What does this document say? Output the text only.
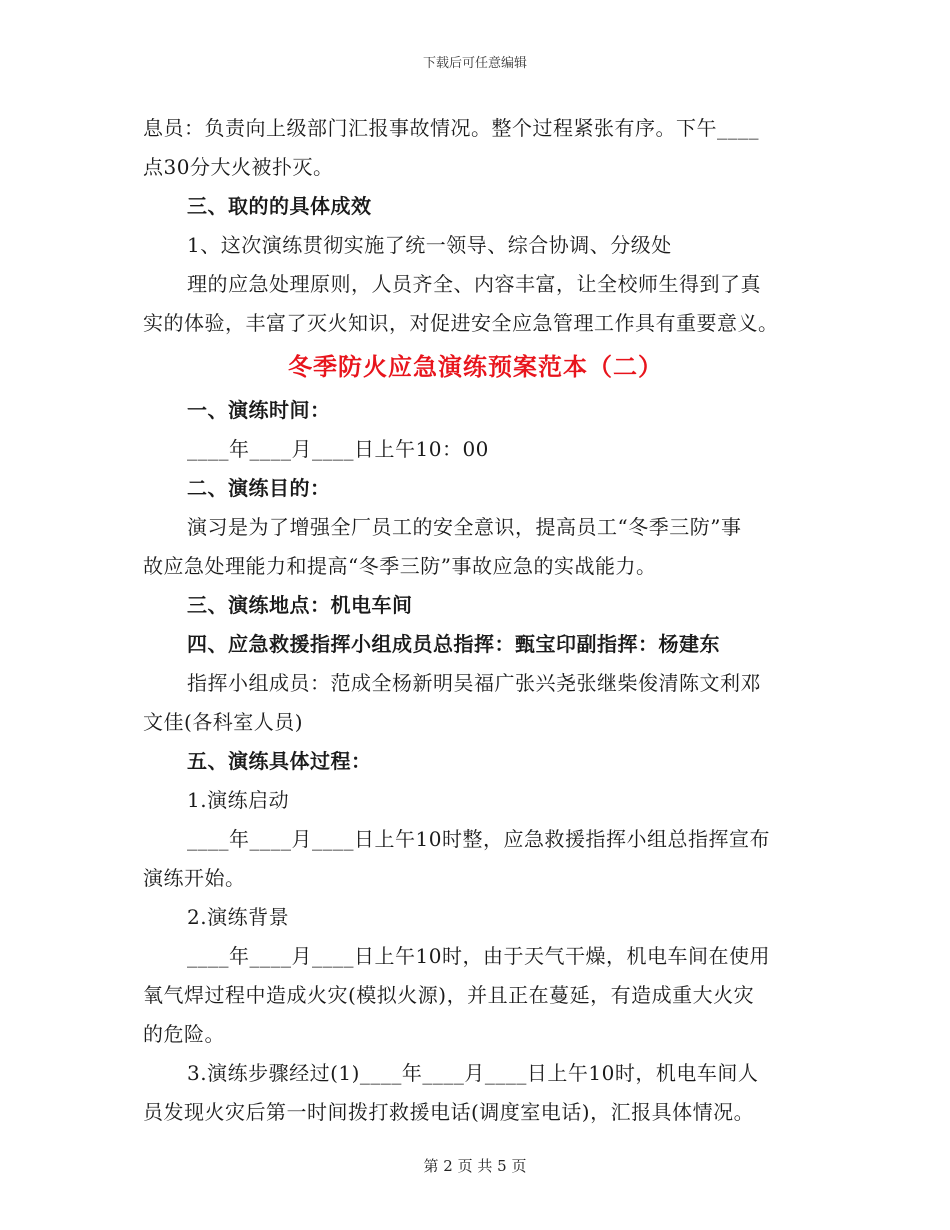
下载后可任意编辑
息员：负责向上级部门汇报事故情况。整个过程紧张有序。下午____
点30分大火被扑灭。
三、取的的具体成效
1、这次演练贯彻实施了统一领导、综合协调、分级处
理的应急处理原则，人员齐全、内容丰富，让全校师生得到了真
实的体验，丰富了灭火知识，对促进安全应急管理工作具有重要意义。
冬季防火应急演练预案范本（二）
一、演练时间：
____年____月____日上午10：00
二、演练目的：
演习是为了增强全厂员工的安全意识，提高员工“冬季三防”事
故应急处理能力和提高“冬季三防”事故应急的实战能力。
三、演练地点：机电车间
四、应急救援指挥小组成员总指挥：甄宝印副指挥：杨建东
指挥小组成员：范成全杨新明吴福广张兴尧张继柴俊清陈文利邓
文佳(各科室人员)
五、演练具体过程：
1.演练启动
____年____月____日上午10时整，应急救援指挥小组总指挥宣布
演练开始。
2.演练背景
____年____月____日上午10时，由于天气干燥，机电车间在使用
氧气焊过程中造成火灾(模拟火源)，并且正在蔓延，有造成重大火灾
的危险。
3.演练步骤经过(1)____年____月____日上午10时，机电车间人
员发现火灾后第一时间拨打救援电话(调度室电话)，汇报具体情况。
第 2 页 共 5 页
